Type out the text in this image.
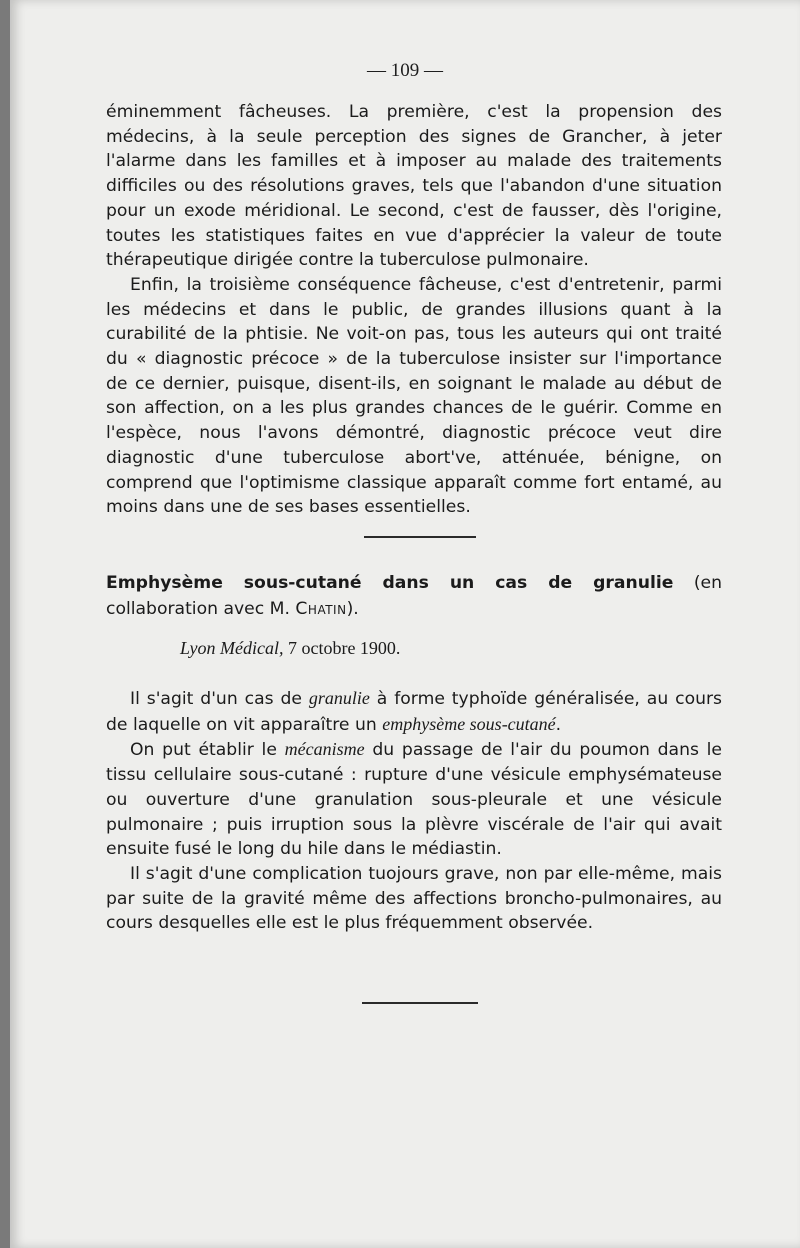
— 109 —

éminemment fâcheuses. La première, c'est la propension des médecins, à la seule perception des signes de Grancher, à jeter l'alarme dans les familles et à imposer au malade des traitements difficiles ou des résolutions graves, tels que l'abandon d'une situation pour un exode méridional. Le second, c'est de fausser, dès l'origine, toutes les statistiques faites en vue d'apprécier la valeur de toute thérapeutique dirigée contre la tuberculose pulmonaire.

Enfin, la troisième conséquence fâcheuse, c'est d'entretenir, parmi les médecins et dans le public, de grandes illusions quant à la curabilité de la phtisie. Ne voit-on pas, tous les auteurs qui ont traité du « diagnostic précoce » de la tuberculose insister sur l'importance de ce dernier, puisque, disent-ils, en soignant le malade au début de son affection, on a les plus grandes chances de le guérir. Comme en l'espèce, nous l'avons démontré, diagnostic précoce veut dire diagnostic d'une tuberculose abort've, atténuée, bénigne, on comprend que l'optimisme classique apparaît comme fort entamé, au moins dans une de ses bases essentielles.

Emphysème sous-cutané dans un cas de granulie (en collaboration avec M. Chatin).
Lyon Médical, 7 octobre 1900.

Il s'agit d'un cas de granulie à forme typhoïde généralisée, au cours de laquelle on vit apparaître un emphysème sous-cutané.

On put établir le mécanisme du passage de l'air du poumon dans le tissu cellulaire sous-cutané : rupture d'une vésicule emphysémateuse ou ouverture d'une granulation sous-pleurale et une vésicule pulmonaire ; puis irruption sous la plèvre viscérale de l'air qui avait ensuite fusé le long du hile dans le médiastin.

Il s'agit d'une complication tuojours grave, non par elle-même, mais par suite de la gravité même des affections broncho-pulmonaires, au cours desquelles elle est le plus fréquemment observée.
